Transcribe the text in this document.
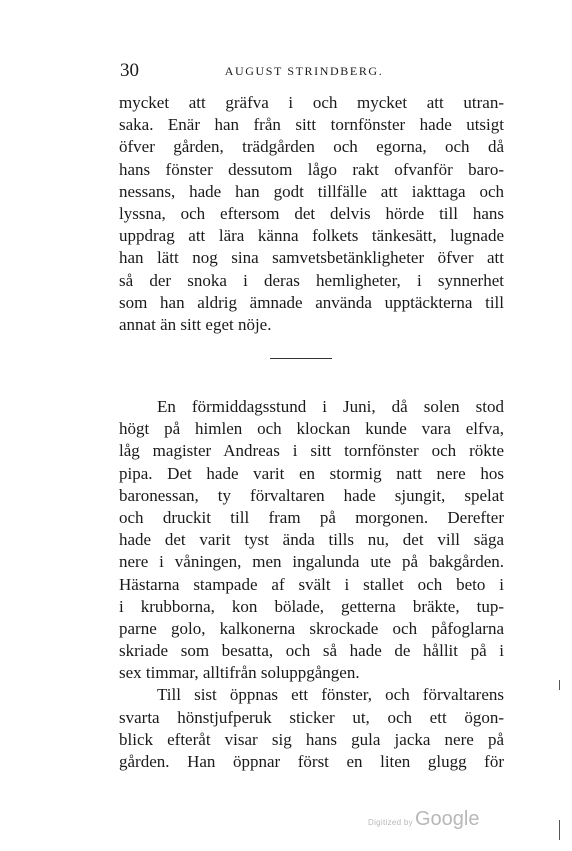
30	AUGUST STRINDBERG.
mycket att gräfva i och mycket att utran-
saka. Enär han från sitt tornfönster hade utsigt
öfver gården, trädgården och egorna, och då
hans fönster dessutom lågo rakt ofvanför baro-
nessans, hade han godt tillfälle att iakttaga och
lyssna, och eftersom det delvis hörde till hans
uppdrag att lära känna folkets tänkesätt, lugnade
han lätt nog sina samvetsbetänkligheter öfver att
så der snoka i deras hemligheter, i synnerhet
som han aldrig ämnade använda upptäckterna till
annat än sitt eget nöje.
En förmiddagsstund i Juni, då solen stod
högt på himlen och klockan kunde vara elfva,
låg magister Andreas i sitt tornfönster och rökte
pipa. Det hade varit en stormig natt nere hos
baronessan, ty förvaltaren hade sjungit, spelat
och druckit till fram på morgonen. Derefter
hade det varit tyst ända tills nu, det vill säga
nere i våningen, men ingalunda ute på bakgården.
Hästarna stampade af svält i stallet och beto i
i krubborna, kon bölade, getterna bräkte, tup-
parne golo, kalkonerna skrockade och påfoglarna
skriade som besatta, och så hade de hållit på i
sex timmar, alltifrån soluppgången.
Till sist öppnas ett fönster, och förvaltarens
svarta hönstjufperuk sticker ut, och ett ögon-
blick efteråt visar sig hans gula jacka nere på
gården. Han öppnar först en liten glugg för
Digitized by Google
